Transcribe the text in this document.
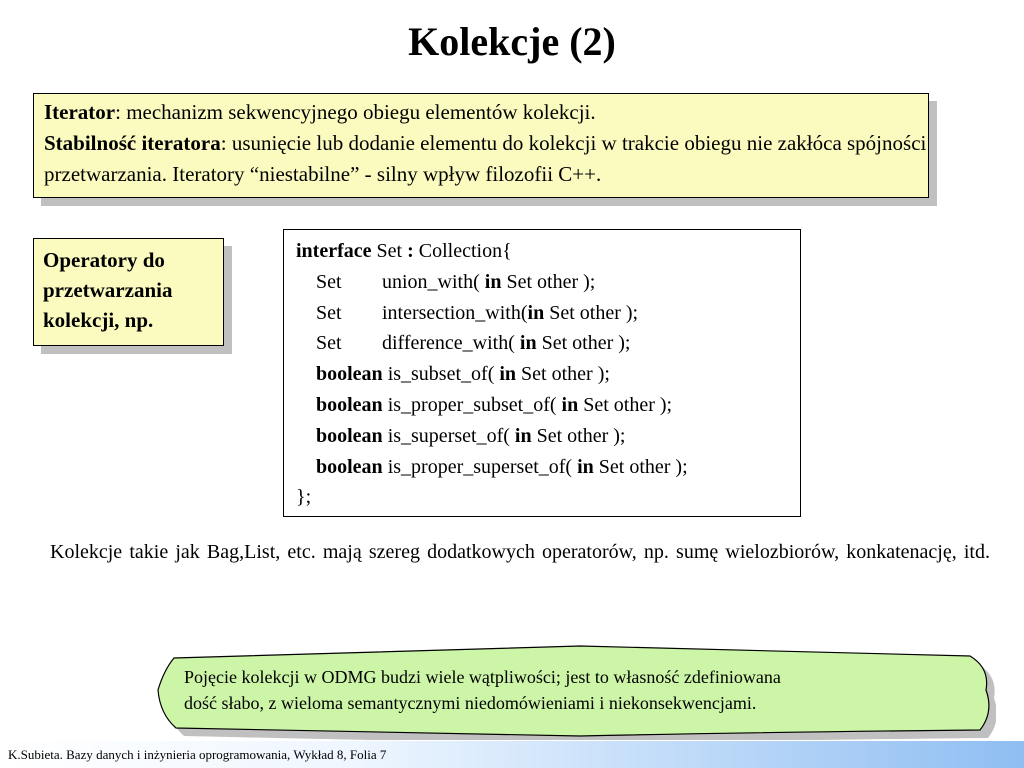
Kolekcje (2)
Iterator: mechanizm sekwencyjnego obiegu elementów kolekcji.
Stabilność iteratora: usunięcie lub dodanie elementu do kolekcji w trakcie obiegu nie zakłóca spójności przetwarzania. Iteratory “niestabilne” - silny wpływ filozofii C++.
Operatory do
przetwarzania
kolekcji, np.
interface Set : Collection{
Set union_with( in Set other );
Set intersection_with(in Set other );
Set difference_with( in Set other );
boolean is_subset_of( in Set other );
boolean is_proper_subset_of( in Set other );
boolean is_superset_of( in Set other );
boolean is_proper_superset_of( in Set other );
};
Kolekcje takie jak Bag,List, etc. mają szereg dodatkowych operatorów, np. sumę wielozbiorów, konkatenację, itd.
Pojęcie kolekcji w ODMG budzi wiele wątpliwości; jest to własność zdefiniowana
dość słabo, z wieloma semantycznymi niedomówieniami i niekonsekwencjami.
K.Subieta. Bazy danych i inżynieria oprogramowania, Wykład 8, Folia 7
